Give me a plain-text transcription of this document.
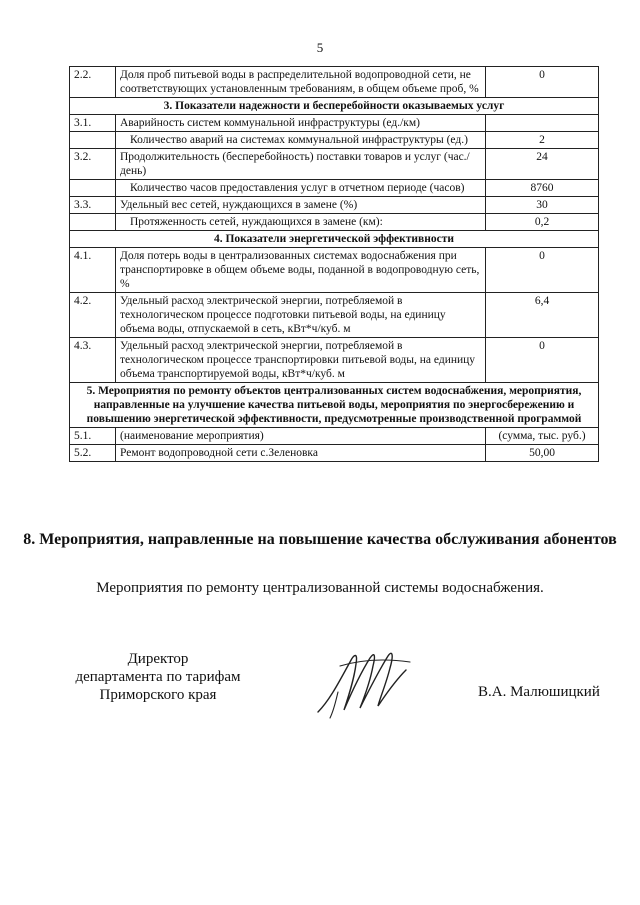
5
2.2.	Доля проб питьевой воды в распределительной водопроводной сети, не соответствующих установленным требованиям, в общем объеме проб, %	0
3. Показатели надежности и бесперебойности оказываемых услуг		
3.1.	Аварийность систем коммунальной инфраструктуры (ед./км)	
	Количество аварий на системах коммунальной инфраструктуры (ед.)	2
3.2.	Продолжительность (бесперебойность) поставки товаров и услуг (час./день)	24
	Количество часов предоставления услуг в отчетном периоде (часов)	8760
3.3.	Удельный вес сетей, нуждающихся в замене (%)	30
	Протяженность сетей, нуждающихся в замене (км):	0,2
4. Показатели энергетической эффективности		
4.1.	Доля потерь воды в централизованных системах водоснабжения при транспортировке в общем объеме воды, поданной в водопроводную сеть, %	0
4.2.	Удельный расход электрической энергии, потребляемой в технологическом процессе подготовки питьевой воды, на единицу объема воды, отпускаемой в сеть, кВт*ч/куб. м	6,4
4.3.	Удельный расход электрической энергии, потребляемой в технологическом процессе транспортировки питьевой воды, на единицу объема транспортируемой воды, кВт*ч/куб. м	0
5. Мероприятия по ремонту объектов централизованных систем водоснабжения, мероприятия, направленные на улучшение качества питьевой воды, мероприятия по энергосбережению и повышению энергетической эффективности, предусмотренные производственной программой		
5.1.	(наименование мероприятия)	(сумма, тыс. руб.)
5.2.	Ремонт водопроводной сети с.Зеленовка	50,00
8. Мероприятия, направленные на повышение качества обслуживания абонентов
Мероприятия по ремонту централизованной системы водоснабжения.
Директор
департамента по тарифам
Приморского края	В.А. Малюшицкий
